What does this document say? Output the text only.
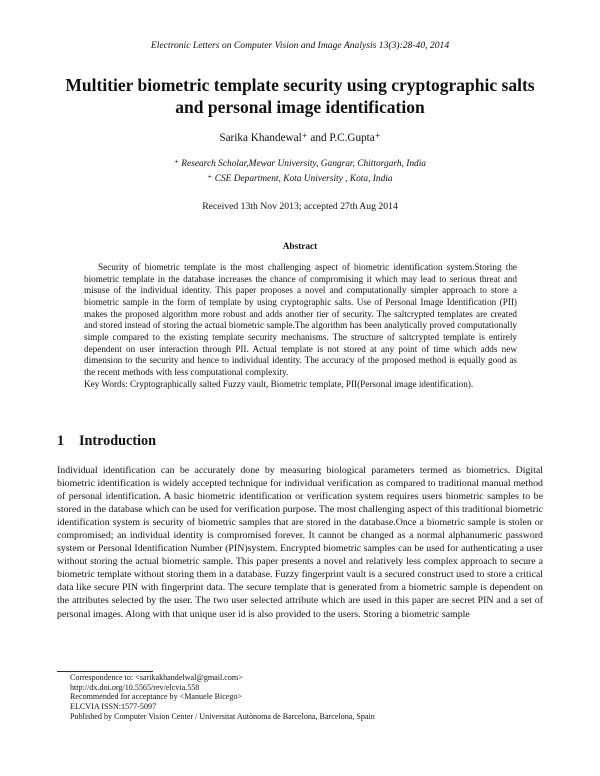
Electronic Letters on Computer Vision and Image Analysis 13(3):28-40, 2014
Multitier biometric template security using cryptographic salts
and personal image identification
Sarika Khandewal⁺ and P.C.Gupta⁺
⁺ Research Scholar,Mewar University, Gangrar, Chittorgarh, India
⁺ CSE Department, Kota University , Kota, India
Received 13th Nov 2013; accepted 27th Aug 2014
Abstract

Security of biometric template is the most challenging aspect of biometric identification system.Storing the biometric template in the database increases the chance of compromising it which may lead to serious threat and misuse of the individual identity. This paper proposes a novel and computationally simpler approach to store a biometric sample in the form of template by using cryptographic salts. Use of Personal Image Identification (PII) makes the proposed algorithm more robust and adds another tier of security. The saltcrypted templates are created and stored instead of storing the actual biometric sample.The algorithm has been analytically proved computationally simple compared to the existing template security mechanisms. The structure of saltcrypted template is entirely dependent on user interaction through PII. Actual template is not stored at any point of time which adds new dimension to the security and hence to individual identity. The accuracy of the proposed method is equally good as the recent methods with less computational complexity.
Key Words: Cryptographically salted Fuzzy vault, Biometric template, PII(Personal image identification).

1 Introduction

Individual identification can be accurately done by measuring biological parameters termed as biometrics. Digital biometric identification is widely accepted technique for individual verification as compared to traditional manual method of personal identification. A basic biometric identification or verification system requires users biometric samples to be stored in the database which can be used for verification purpose. The most challenging aspect of this traditional biometric identification system is security of biometric samples that are stored in the database.Once a biometric sample is stolen or compromised; an individual identity is compromised forever. It cannot be changed as a normal alphanumeric password system or Personal Identification Number (PIN)system. Encrypted biometric samples can be used for authenticating a user without storing the actual biometric sample. This paper presents a novel and relatively less complex approach to secure a biometric template without storing them in a database. Fuzzy fingerprint vault is a secured construct used to store a critical data like secure PIN with fingerprint data. The secure template that is generated from a biometric sample is dependent on the attributes selected by the user. The two user selected attribute which are used in this paper are secret PIN and a set of personal images. Along with that unique user id is also provided to the users. Storing a biometric sample

Correspondence to: <sarikakhandelwal@gmail.com>
http://dx.doi.org/10.5565/rev/elcvia.558
Recommended for acceptance by <Manuele Bicego>
ELCVIA ISSN:1577-5097
Published by Computer Vision Center / Universitat Autònoma de Barcelona, Barcelona, Spain
